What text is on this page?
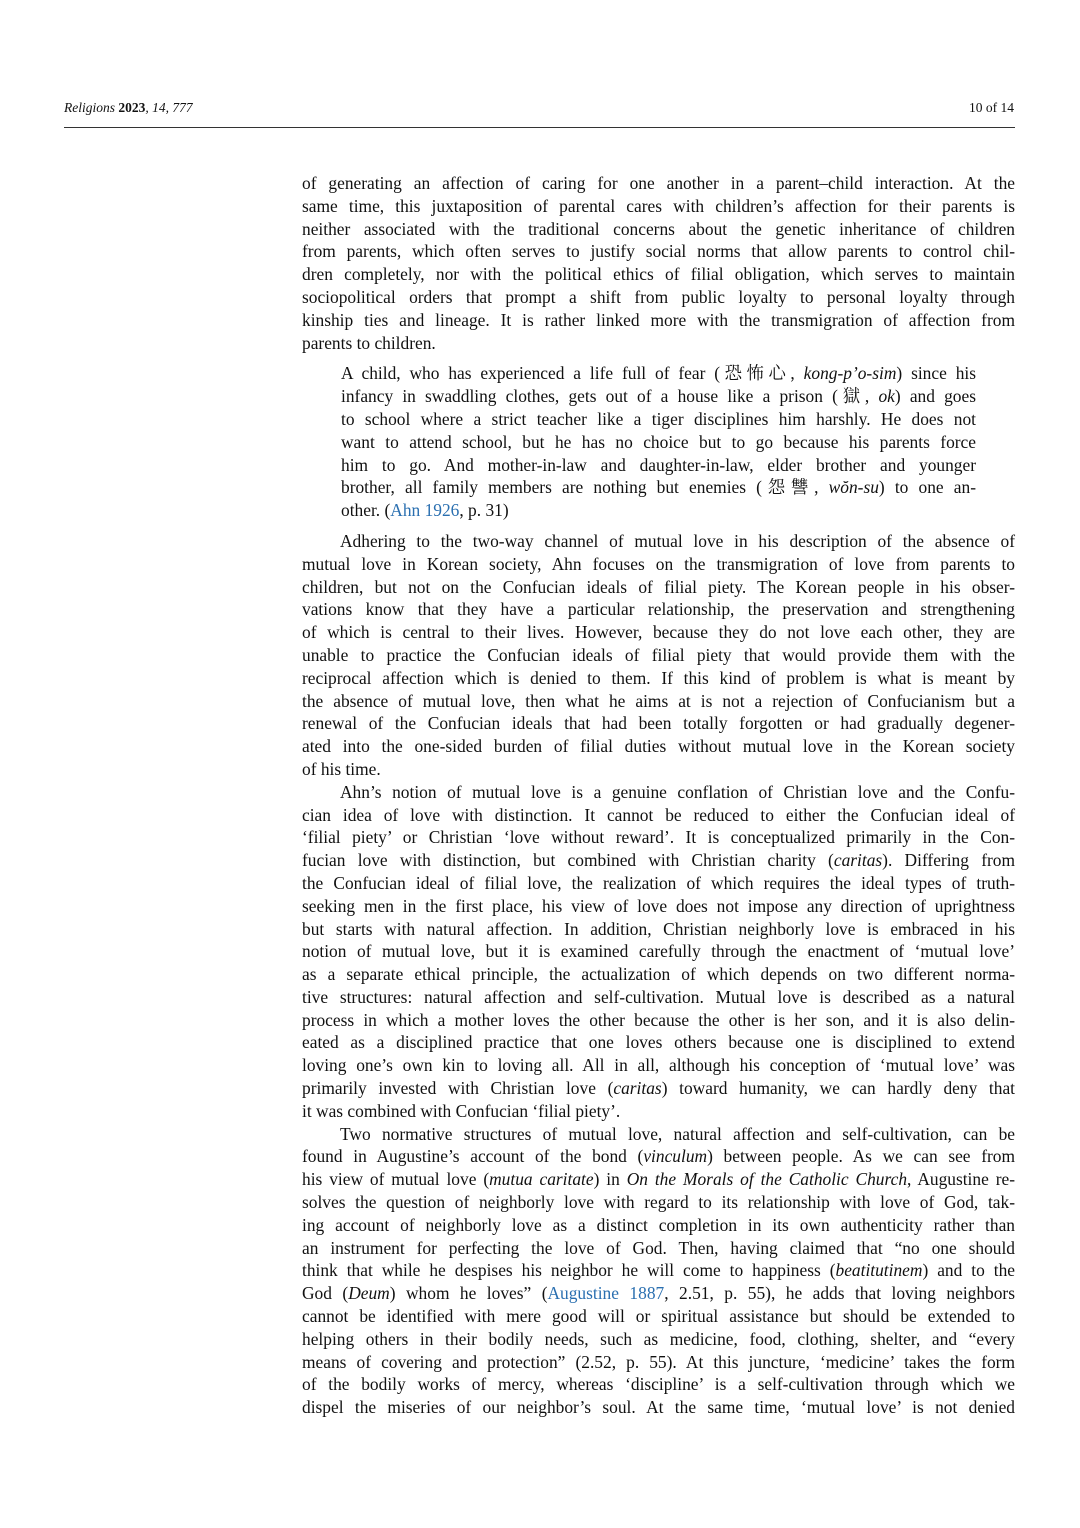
Religions 2023, 14, 777	10 of 14
of generating an affection of caring for one another in a parent–child interaction. At the
same time, this juxtaposition of parental cares with children’s affection for their parents is
neither associated with the traditional concerns about the genetic inheritance of children
from parents, which often serves to justify social norms that allow parents to control chil-
dren completely, nor with the political ethics of filial obligation, which serves to maintain
sociopolitical orders that prompt a shift from public loyalty to personal loyalty through
kinship ties and lineage. It is rather linked more with the transmigration of affection from
parents to children.
A child, who has experienced a life full of fear (恐怖心, kong-p’o-sim) since his
infancy in swaddling clothes, gets out of a house like a prison (獄, ok) and goes
to school where a strict teacher like a tiger disciplines him harshly. He does not
want to attend school, but he has no choice but to go because his parents force
him to go. And mother-in-law and daughter-in-law, elder brother and younger
brother, all family members are nothing but enemies (怨讐, wŏn-su) to one an-
other. (Ahn 1926, p. 31)
Adhering to the two-way channel of mutual love in his description of the absence of
mutual love in Korean society, Ahn focuses on the transmigration of love from parents to
children, but not on the Confucian ideals of filial piety. The Korean people in his obser-
vations know that they have a particular relationship, the preservation and strengthening
of which is central to their lives. However, because they do not love each other, they are
unable to practice the Confucian ideals of filial piety that would provide them with the
reciprocal affection which is denied to them. If this kind of problem is what is meant by
the absence of mutual love, then what he aims at is not a rejection of Confucianism but a
renewal of the Confucian ideals that had been totally forgotten or had gradually degener-
ated into the one-sided burden of filial duties without mutual love in the Korean society
of his time.
Ahn’s notion of mutual love is a genuine conflation of Christian love and the Confu-
cian idea of love with distinction. It cannot be reduced to either the Confucian ideal of
‘filial piety’ or Christian ‘love without reward’. It is conceptualized primarily in the Con-
fucian love with distinction, but combined with Christian charity (caritas). Differing from
the Confucian ideal of filial love, the realization of which requires the ideal types of truth-
seeking men in the first place, his view of love does not impose any direction of uprightness
but starts with natural affection. In addition, Christian neighborly love is embraced in his
notion of mutual love, but it is examined carefully through the enactment of ‘mutual love’
as a separate ethical principle, the actualization of which depends on two different norma-
tive structures: natural affection and self-cultivation. Mutual love is described as a natural
process in which a mother loves the other because the other is her son, and it is also delin-
eated as a disciplined practice that one loves others because one is disciplined to extend
loving one’s own kin to loving all. All in all, although his conception of ‘mutual love’ was
primarily invested with Christian love (caritas) toward humanity, we can hardly deny that
it was combined with Confucian ‘filial piety’.
Two normative structures of mutual love, natural affection and self-cultivation, can be
found in Augustine’s account of the bond (vinculum) between people. As we can see from
his view of mutual love (mutua caritate) in On the Morals of the Catholic Church, Augustine re-
solves the question of neighborly love with regard to its relationship with love of God, tak-
ing account of neighborly love as a distinct completion in its own authenticity rather than
an instrument for perfecting the love of God. Then, having claimed that “no one should
think that while he despises his neighbor he will come to happiness (beatitutinem) and to the
God (Deum) whom he loves” (Augustine 1887, 2.51, p. 55), he adds that loving neighbors
cannot be identified with mere good will or spiritual assistance but should be extended to
helping others in their bodily needs, such as medicine, food, clothing, shelter, and “every
means of covering and protection” (2.52, p. 55). At this juncture, ‘medicine’ takes the form
of the bodily works of mercy, whereas ‘discipline’ is a self-cultivation through which we
dispel the miseries of our neighbor’s soul. At the same time, ‘mutual love’ is not denied
